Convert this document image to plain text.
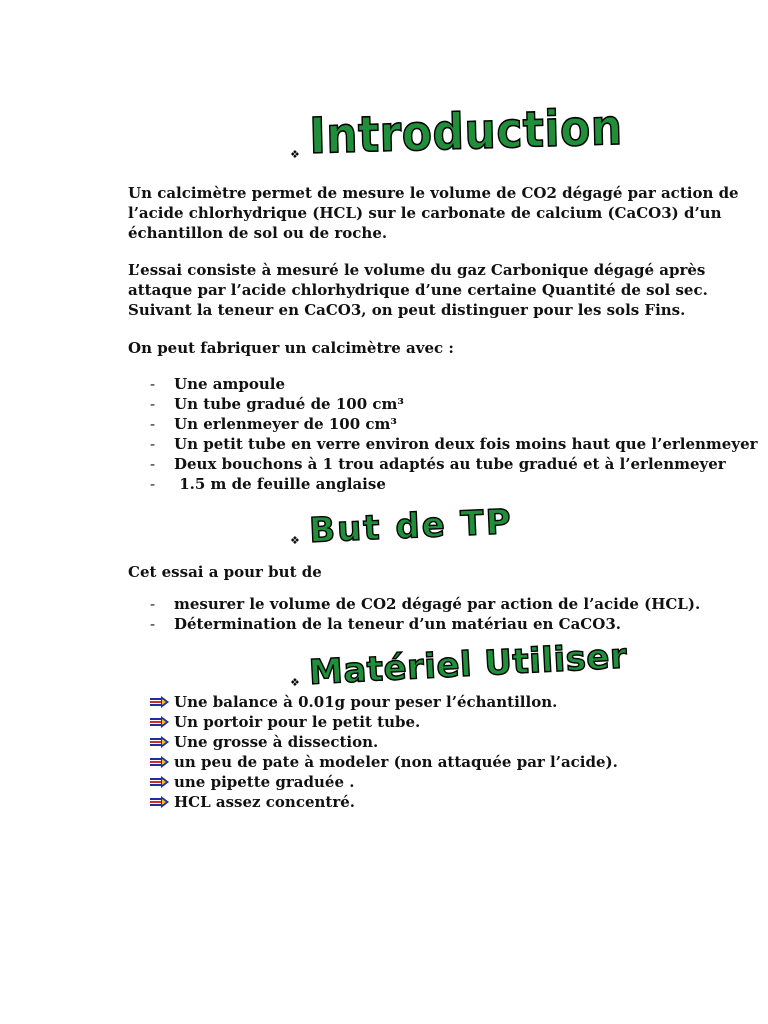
❖ Introduction

Un calcimètre permet de mesure le volume de CO2 dégagé par action de l’acide chlorhydrique (HCL) sur le carbonate de calcium (CaCO3) d’un échantillon de sol ou de roche.

L’essai consiste à mesuré le volume du gaz Carbonique dégagé après attaque par l’acide chlorhydrique d’une certaine Quantité de sol sec. Suivant la teneur en CaCO3, on peut distinguer pour les sols Fins.

On peut fabriquer un calcimètre avec :

-	Une ampoule
-	Un tube gradué de 100 cm³
-	Un erlenmeyer de 100 cm³
-	Un petit tube en verre environ deux fois moins haut que l’erlenmeyer
-	Deux bouchons à 1 trou adaptés au tube gradué et à l’erlenmeyer
-	1.5 m de feuille anglaise
❖ But de TP

Cet essai a pour but de

-	mesurer le volume de CO2 dégagé par action de l’acide (HCL).
-	Détermination de la teneur d’un matériau en CaCO3.
❖ Matériel Utiliser
Une balance à 0.01g pour peser l’échantillon.
Un portoir pour le petit tube.
Une grosse à dissection.
un peu de pate à modeler (non attaquée par l’acide).
une pipette graduée .
HCL assez concentré.
